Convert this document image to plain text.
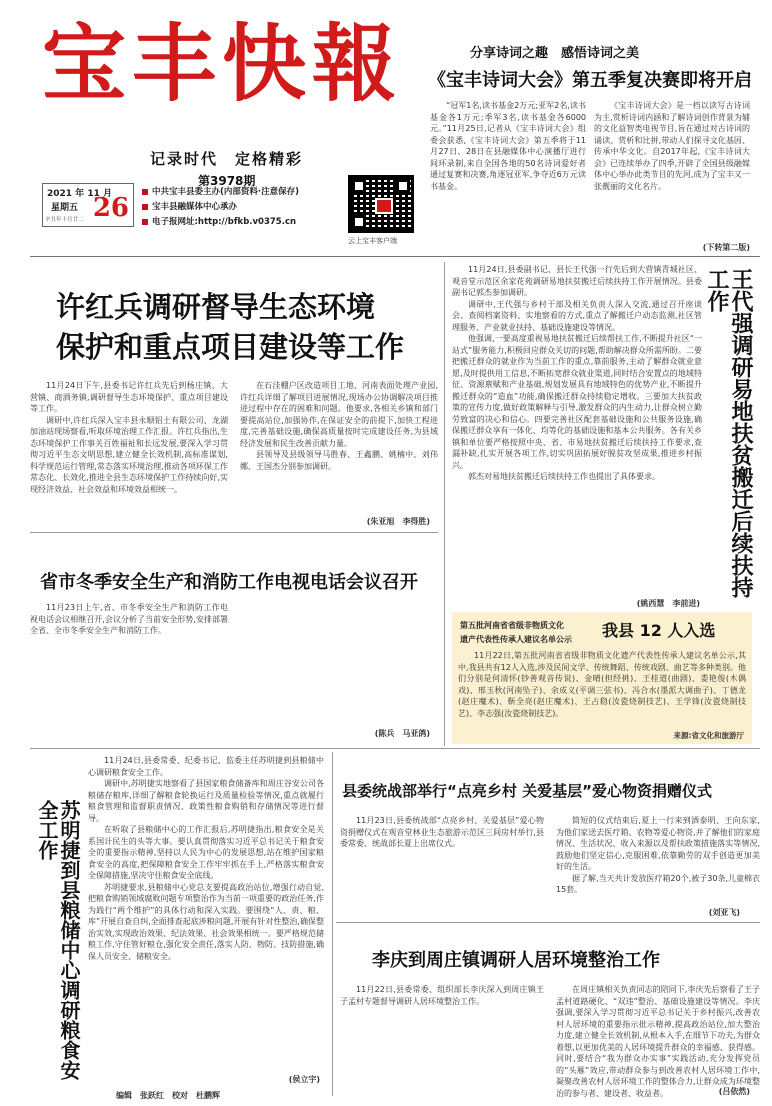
宝丰快報
记录时代　定格精彩
第3978期
2021 年 11 月
星期五
辛丑年十月廿二 26
中共宝丰县委主办(内部资料·注意保存)
宝丰县融媒体中心承办
电子报网址:http://bfkb.v0375.cn
云上宝丰客户端
分享诗词之趣　感悟诗词之美
《宝丰诗词大会》第五季复决赛即将开启
“冠军1名,读书基金2万元;亚军2名,读书基金各1万元;季军3名,读书基金各6000元。”11月25日,记者从《宝丰诗词大会》组委会获悉,《宝丰诗词大会》第五季将于11月27日、28日在县融媒体中心演播厅进行间环录制,来自全国各地的50名诗词爱好者通过复赛和决赛,角逐冠亚军,争夺近6万元读书基金。
《宝丰诗词大会》是一档以读写古诗词为主,赏析诗词内涵和了解诗词创作背景为辅的文化益智类电视节目,旨在通过对古诗词的诵读、赏析和比拼,带动人们探寻文化基因、传承中华文化。自2017年起,《宝丰诗词大会》已连续举办了四季,开辟了全国县级融媒体中心举办此类节目的先河,成为了宝丰又一张靓丽的文化名片。
(下转第二版)
许红兵调研督导生态环境
保护和重点项目建设等工作

11月24日下午,县委书记许红兵先后到杨庄镇、大营镇、商酒务镇,调研督导生态环境保护、重点项目建设等工作。

调研中,许红兵深入宝丰县永顺铝土有限公司、龙湖加油站现场察看,听取环境治理工作汇报。许红兵指出,生态环境保护工作事关百姓福祉和长远发展,要深入学习贯彻习近平生态文明思想,建立健全长效机制,高标准谋划,科学规范运行管理,常态落实环境治理,推动各项环保工作常态化、长效化,推进全县生态环境保护工作持续向好,实现经济效益、社会效益和环境效益相统一。

在石洼棚户区改造项目工地、河南表面处理产业园,许红兵详细了解项目进展情况,现场办公协调解决项目推进过程中存在的困难和问题。他要求,各相关乡镇和部门要提高站位,加强协作,在保证安全的前提下,加快工程进度,完善基础设施,确保高质量按时完成建设任务,为县域经济发展和民生改善贡献力量。

县领导及县级领导马胜春、王鑫鹏、姚楠中、刘伟娜、王国杰分别参加调研。

(朱亚旭　李得胜)
省市冬季安全生产和消防工作电视电话会议召开

11月23日上午,省、市冬季安全生产和消防工作电视电话会议相继召开,会议分析了当前安全形势,安排部署全省、全市冬季安全生产和消防工作。

(陈兵　马亚鸽)

11月24日,县委副书记、县长王代强一行先后到大营镇青城社区、观音堂示范区余家花苑调研易地扶贫搬迁后续扶持工作开展情况。县委副书记郭杰参加调研。

调研中,王代强与乡村干部及相关负责人深入交流,通过召开座谈会、查阅档案资料、实地察看的方式,重点了解搬迁户动态监测,社区管理服务、产业就业扶持、基础设施建设等情况。

他强调,一要高度重视易地扶贫搬迁后续帮扶工作,不断提升社区“一站式”服务能力,积极回应群众关切的问题,帮助解决群众所需所盼。二要把搬迁群众的就业作为当前工作的重点,靠前服务,主动了解群众就业意愿,及时提供用工信息,不断拓宽群众就业渠道,同时结合安置点的地域特征、资源禀赋和产业基础,规划发展具有地域特色的优势产业,不断提升搬迁群众的“造血”功能,确保搬迁群众持续稳定增收。三要加大扶贫政策的宣传力度,做好政策解释与引导,激发群众的内生动力,让群众树立勤劳致富的决心和信心。四要完善社区配套基础设施和公共服务设施,确保搬迁群众享有一体化、均等化的基础设施和基本公共服务。各有关乡镇和单位要严格按照中央、省、市易地扶贫搬迁后续扶持工作要求,查漏补缺,扎实开展各项工作,切实巩固拓展好脱贫攻坚成果,推进乡村振兴。

郭杰对易地扶贫搬迁后续扶持工作也提出了具体要求。

(姚西慧　李前进)
王代强调研易地扶贫搬迁后续扶持工作
第五批河南省省级非物质文化
遗产代表性传承人建议名单公示 我县 12 人入选

11月22日,第五批河南省省级非物质文化遗产代表性传承人建议名单公示,其中,我县共有12人入选,涉及民间文学、传统舞蹈、传统戏剧、曲艺等多种类别。他们分别是何清怀(钞善观音传说)、金晴(担经挑)、王桂道(曲剧)、娄艳俊(木偶戏)、邢玉秋(河南坠子)、余成义(平调三弦书)、冯合水(墨派大调曲子)、丁德龙(赵庄魔术)、靳全亮(赵庄魔术)、王占稳(汝瓷烧制技艺)、王学锋(汝瓷烧制技艺)、李志强(汝瓷烧制技艺)。

来源:省文化和旅游厅
苏明捷到县粮储中心调研粮食安全工作

11月24日,县委常委、纪委书记、监委主任苏明捷到县粮储中心调研粮食安全工作。

调研中,苏明捷实地察看了县国家粮食储备库和周庄谷安公司各粮储存粮库,详细了解粮食轮换运行及质量检验等情况,重点就履行粮食管理和监督职责情况、政策性粮食购销和存储情况等进行督导。

在听取了县粮储中心的工作汇报后,苏明捷指出,粮食安全是关系国计民生的头等大事。要认真贯彻落实习近平总书记关于粮食安全的重要指示精神,坚持以人民为中心的发展思想,站在维护国家粮食安全的高度,把保障粮食安全工作牢牢抓在手上,严格落实粮食安全保障措施,坚决守住粮食安全底线。

苏明捷要求,县粮储中心党总支要提高政治站位,增强行动自觉,把粮食购销领域腐败问题专项整治作为当前一项重要的政治任务,作为践行“两个维护”的具体行动和深入实践。要围绕“人、责、粮、库”开展自查自纠,全面排查起底涉粮问题,开展有针对性整治,确保整治实效,实现政治效果、纪法效果、社会效果相统一。要严格规范储粮工作,守住管好粮仓,强化安全责任,落实人防、物防、技防措施,确保人员安全、储粮安全。

(侯立宇)
编辑　张跃红　校对　杜鹏辉
县委统战部举行“点亮乡村 关爱基层”爱心物资捐赠仪式

11月23日,县委统战部“点亮乡村、关爱基层”爱心物资捐赠仪式在观音堂林业生态旅游示范区三间房村举行,县委常委、统战部长夏上出席仪式。

简短的仪式结束后,夏上一行来到酒泰明、王向东家,为他们家送去医疗箱、农物等爱心物资,并了解他们的家庭情况、生活状况、收入来源以及帮扶政策措施落实等情况,鼓励他们坚定信心,克服困难,依靠勤劳的双手创造更加美好的生活。

据了解,当天共计发放医疗箱20个,被子30条,儿童棉衣15套。

(刘亚飞)
李庆到周庄镇调研人居环境整治工作

11月22日,县委常委、组织部长李庆深入到周庄镇王子孟村专题督导调研人居环境整治工作。

在周庄镇相关负责同志的陪同下,李庆先后察看了王子孟村道路硬化、“双违”整治、基础设施建设等情况。李庆强调,要深入学习贯彻习近平总书记关于乡村振兴,改善农村人居环境的重要指示批示精神,提高政治站位,加大整治力度,建立健全长效机制,从根本入手,在细节下功夫,为群众着想,以更加优美的人居环境提升群众的幸福感、获得感。同时,要结合“我为群众办实事”实践活动,充分发挥党员的“头雁”效应,带动群众参与到改善农村人居环境工作中,凝聚改善农村人居环境工作的整体合力,让群众成为环境整治的参与者、建设者、收益者。	(吕依然)
